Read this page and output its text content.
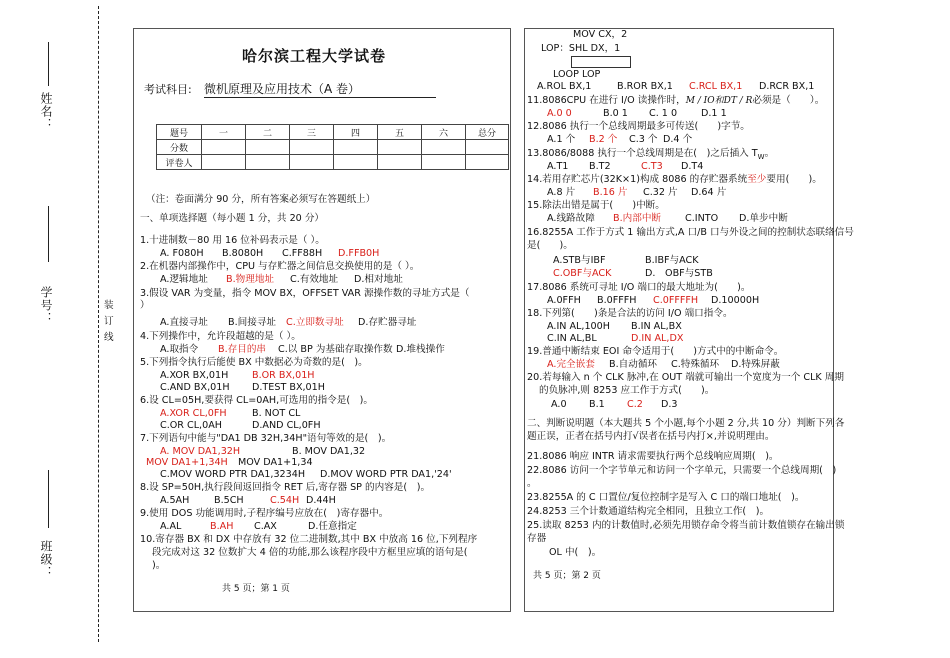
姓名：
学号：
班级：
装
订
线
哈尔滨工程大学试卷
考试科目: 微机原理及应用技术（A 卷）
题号	一	二	三	四	五	六	总分
分数							
评卷人							
（注：卷面满分 90 分，所有答案必须写在答题纸上）
一、单项选择题（每小题 1 分，共 20 分）
1.十进制数－80 用 16 位补码表示是（ ）。
A. F080H B.8080H C.FF88H D.FFB0H
2.在机器内部操作中，CPU 与存贮器之间信息交换使用的是（ ）。
A.逻辑地址 B.物理地址 C.有效地址 D.相对地址
3.假设 VAR 为变量，指令 MOV BX，OFFSET VAR 源操作数的寻址方式是（
）
A.直接寻址 B.间接寻址 C.立即数寻址 D.存贮器寻址
4.下列操作中，允许段超越的是（ ）。
A.取指令 B.存目的串 C.以 BP 为基础存取操作数 D.堆栈操作
5.下列指令执行后能使 BX 中数据必为奇数的是(　)。
A.XOR BX,01H B.OR BX,01H
C.AND BX,01H D.TEST BX,01H
6.设 CL=05H,要获得 CL=0AH,可选用的指令是(　)。
A.XOR CL,0FH	B. NOT CL
C.OR CL,0AH	D.AND CL,0FH
7.下列语句中能与"DA1 DB 32H,34H"语句等效的是(　)。
A. MOV DA1,32H	B. MOV DA1,32
MOV DA1+1,34H MOV DA1+1,34
C.MOV WORD PTR DA1,3234H D.MOV WORD PTR DA1,'24'
8.设 SP=50H,执行段间返回指令 RET 后,寄存器 SP 的内容是(　)。
A.5AH	B.5CH	C.54H D.44H
9.使用 DOS 功能调用时,子程序编号应放在(　)寄存器中。
A.AL	B.AH C.AX	D.任意指定
10.寄存器 BX 和 DX 中存放有 32 位二进制数,其中 BX 中放高 16 位,下列程序
段完成对这 32 位数扩大 4 倍的功能,那么该程序段中方框里应填的语句是(
)。
共 5 页；第 1 页
MOV CX，2
LOP：SHL DX，1
LOOP LOP
A.ROL BX,1	B.ROR BX,1 C.RCL BX,1 D.RCR BX,1
11.8086CPU 在进行 I/O 读操作时，M / IO和DT / R必须是（　　）。
A.0 0	B.0 1 C. 1 0 D.1 1
12.8086 执行一个总线周期最多可传送(　　)字节。
A.1 个 B.2 个 C.3 个 D.4 个
13.8086/8088 执行一个总线周期是在(　)之后插入 $T_W$。
A.T1 B.T2	C.T3 D.T4
14.若用存贮芯片(32K×1)构成 8086 的存贮器系统至少要用(　　)。
A.8 片 B.16 片 C.32 片 D.64 片
15.除法出错是属于(　　)中断。
A.线路故障 B.内部中断 C.INTO D.单步中断
16.8255A 工作于方式 1 输出方式,A 口/B 口与外设之间的控制状态联络信号
是(　　)。
A.STB与IBF	B.IBF与ACK
C.OBF与ACK	D.　OBF与STB
17.8086 系统可寻址 I/O 端口的最大地址为(　　)。
A.0FFH B.0FFFH C.0FFFFH D.10000H
18.下列第(　　)条是合法的访问 I/O 端口指令。
A.IN AL,100H B.IN AL,BX
C.IN AL,BL	D.IN AL,DX
19.普通中断结束 EOI 命令适用于(　　)方式中的中断命令。
A.完全嵌套 B.自动循环 C.特殊循环 D.特殊屏蔽
20.若每输入 n 个 CLK 脉冲,在 OUT 端就可输出一个宽度为一个 CLK 周期
的负脉冲,则 8253 应工作于方式(　　)。
A.0 B.1 C.2 D.3
二、判断说明题（本大题共 5 个小题,每个小题 2 分,共 10 分）判断下列各
题正误，正者在括号内打√误者在括号内打×,并说明理由。
21.8086 响应 INTR 请求需要执行两个总线响应周期(　)。
22.8086 访问一个字节单元和访问一个字单元，只需要一个总线周期(　)
。
23.8255A 的 C 口置位/复位控制字是写入 C 口的端口地址(　)。
24.8253 三个计数通道结构完全相同，且独立工作(　)。
25.读取 8253 内的计数值时,必须先用锁存命令将当前计数值锁存在输出锁
存器
OL 中(　)。
共 5 页；第 2 页
